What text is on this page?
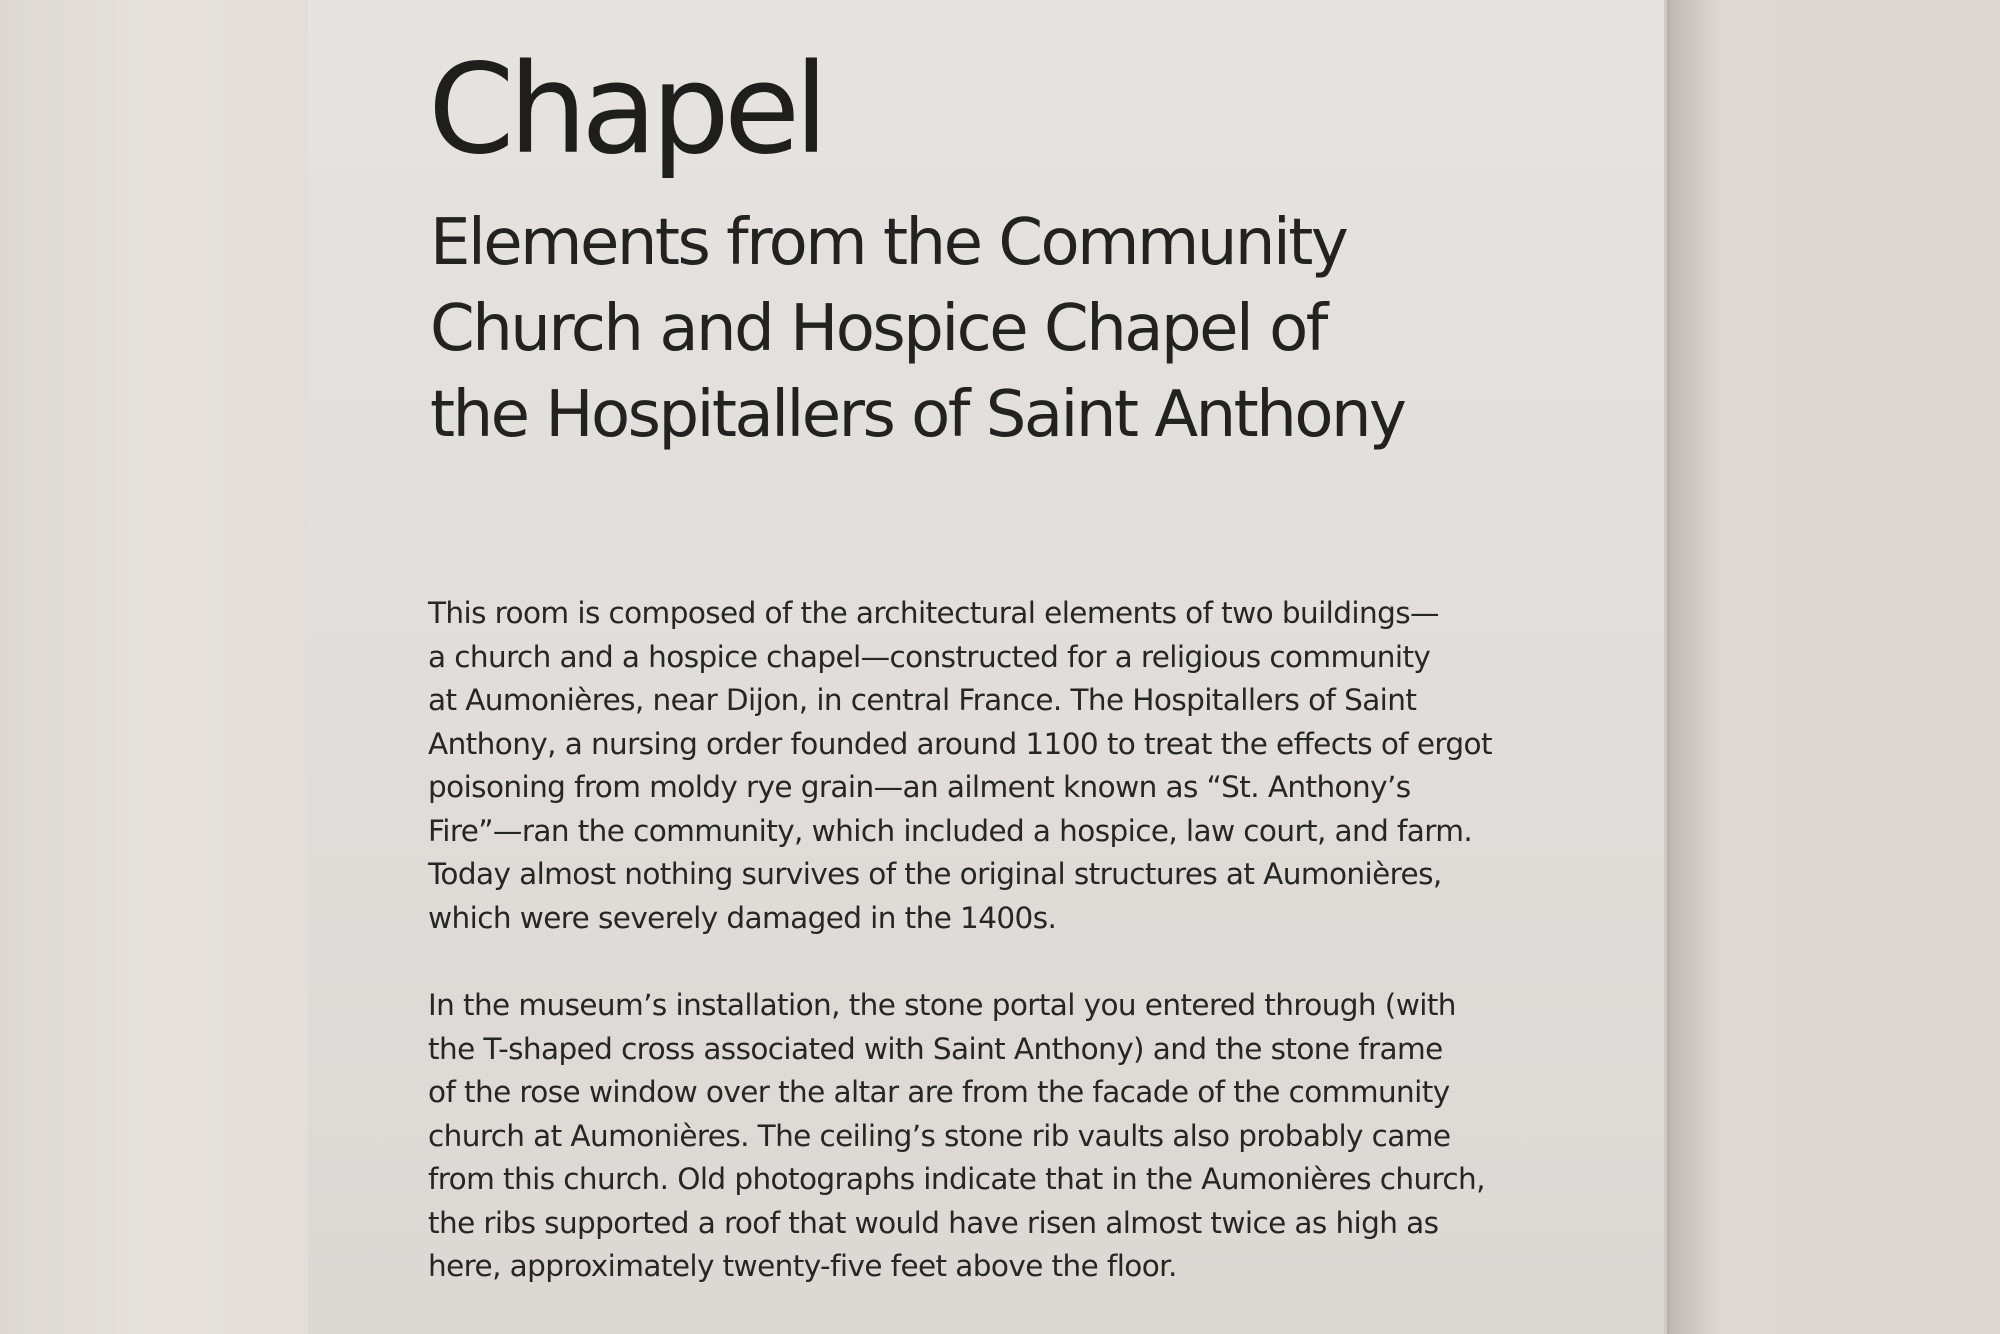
Chapel
Elements from the Community
Church and Hospice Chapel of
the Hospitallers of Saint Anthony

This room is composed of the architectural elements of two buildings—
a church and a hospice chapel—constructed for a religious community
at Aumonières, near Dijon, in central France. The Hospitallers of Saint
Anthony, a nursing order founded around 1100 to treat the effects of ergot
poisoning from moldy rye grain—an ailment known as “St. Anthony’s
Fire”—ran the community, which included a hospice, law court, and farm.
Today almost nothing survives of the original structures at Aumonières,
which were severely damaged in the 1400s.

In the museum’s installation, the stone portal you entered through (with
the T-shaped cross associated with Saint Anthony) and the stone frame
of the rose window over the altar are from the facade of the community
church at Aumonières. The ceiling’s stone rib vaults also probably came
from this church. Old photographs indicate that in the Aumonières church,
the ribs supported a roof that would have risen almost twice as high as
here, approximately twenty-five feet above the floor.
